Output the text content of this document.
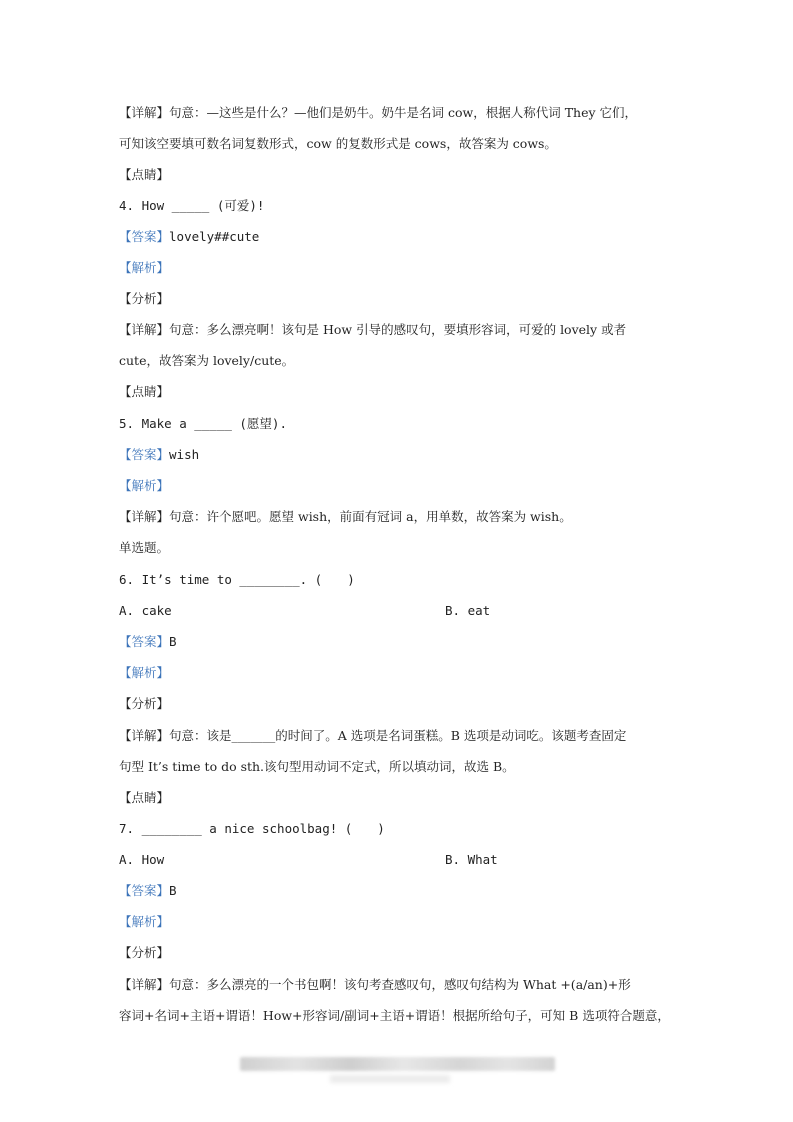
【详解】句意：—这些是什么？—他们是奶牛。奶牛是名词 cow，根据人称代词 They 它们，
可知该空要填可数名词复数形式，cow 的复数形式是 cows，故答案为 cows。
【点睛】
4. How _____ (可爱)!
【答案】lovely##cute
【解析】
【分析】
【详解】句意：多么漂亮啊！该句是 How 引导的感叹句，要填形容词，可爱的 lovely 或者
cute，故答案为 lovely/cute。
【点睛】
5. Make a _____ (愿望).
【答案】wish
【解析】
【详解】句意：许个愿吧。愿望 wish，前面有冠词 a，用单数，故答案为 wish。
单选题。
6. It’s time to ________. (　　)
A. cake	B. eat
【答案】B
【解析】
【分析】
【详解】句意：该是_______的时间了。A 选项是名词蛋糕。B 选项是动词吃。该题考查固定
句型 It’s time to do sth.该句型用动词不定式，所以填动词，故选 B。
【点睛】
7. ________ a nice schoolbag! (　　)
A. How	B. What
【答案】B
【解析】
【分析】
【详解】句意：多么漂亮的一个书包啊！该句考查感叹句，感叹句结构为 What +(a/an)+形
容词+名词+主语+谓语！How+形容词/副词+主语+谓语！根据所给句子，可知 B 选项符合题意，
